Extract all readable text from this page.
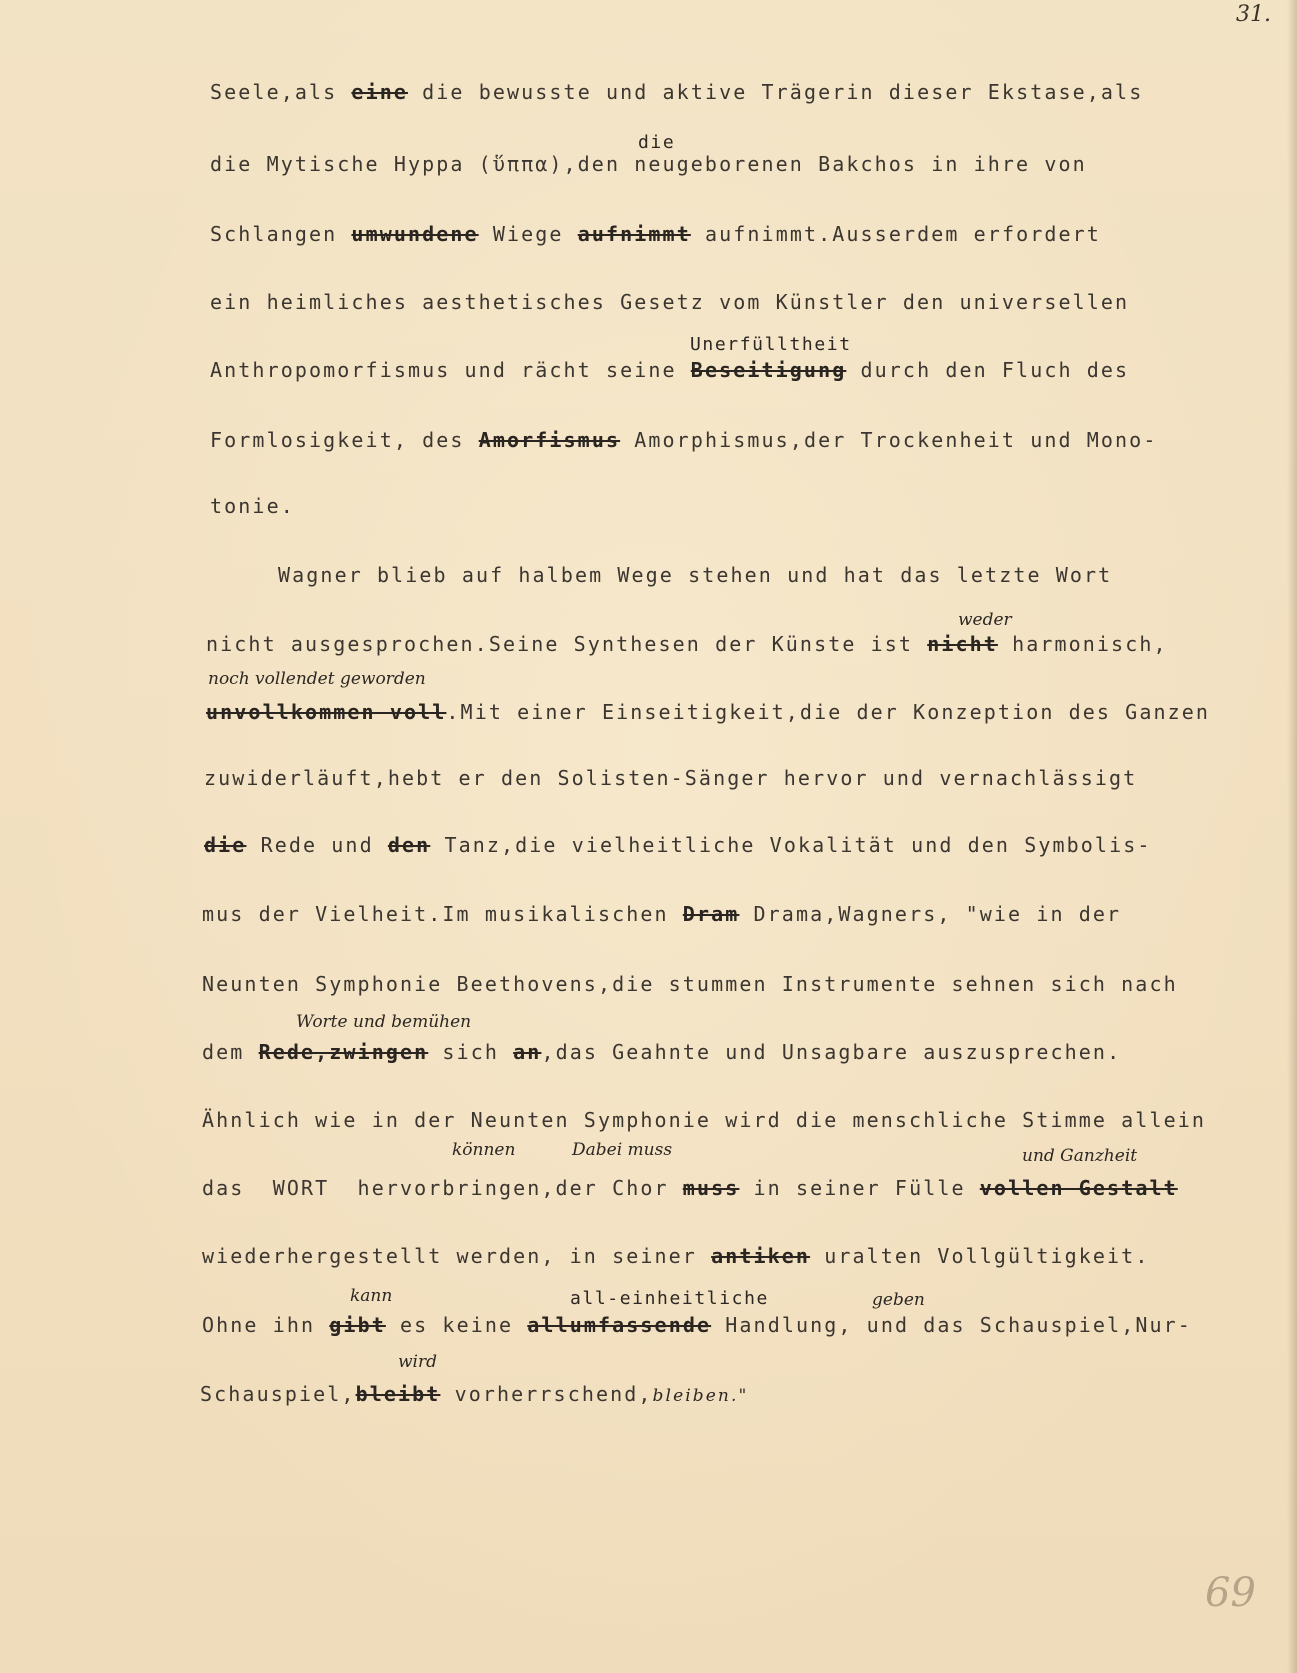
31.
69

Seele,als eine die bewusste und aktive Trägerin dieser Ekstase,als

die

die Mytische Hyppa (ὕππα),den neugeborenen Bakchos in ihre von

Schlangen umwundene Wiege aufnimmt aufnimmt.Ausserdem erfordert

ein heimliches aesthetisches Gesetz vom Künstler den universellen

Unerfülltheit

Anthropomorfismus und rächt seine Beseitigung durch den Fluch des

Formlosigkeit, des Amorfismus Amorphismus,der Trockenheit und Mono-

tonie.

Wagner blieb auf halbem Wege stehen und hat das letzte Wort

weder

nicht ausgesprochen.Seine Synthesen der Künste ist nicht harmonisch,

noch vollendet geworden

unvollkommen voll.Mit einer Einseitigkeit,die der Konzeption des Ganzen

zuwiderläuft,hebt er den Solisten-Sänger hervor und vernachlässigt

die Rede und den Tanz,die vielheitliche Vokalität und den Symbolis-

mus der Vielheit.Im musikalischen Dram Drama,Wagners, "wie in der

Neunten Symphonie Beethovens,die stummen Instrumente sehnen sich nach

Worte und bemühen

dem Rede,zwingen sich an,das Geahnte und Unsagbare auszusprechen.

Ähnlich wie in der Neunten Symphonie wird die menschliche Stimme allein

können	Dabei muss	und Ganzheit

das  WORT  hervorbringen,der Chor muss in seiner Fülle vollen Gestalt

wiederhergestellt werden, in seiner antiken uralten Vollgültigkeit.

kann	all-einheitliche	geben

Ohne ihn gibt es keine allumfassende Handlung, und das Schauspiel,Nur-

wird

Schauspiel,bleibt vorherrschend,bleiben."
